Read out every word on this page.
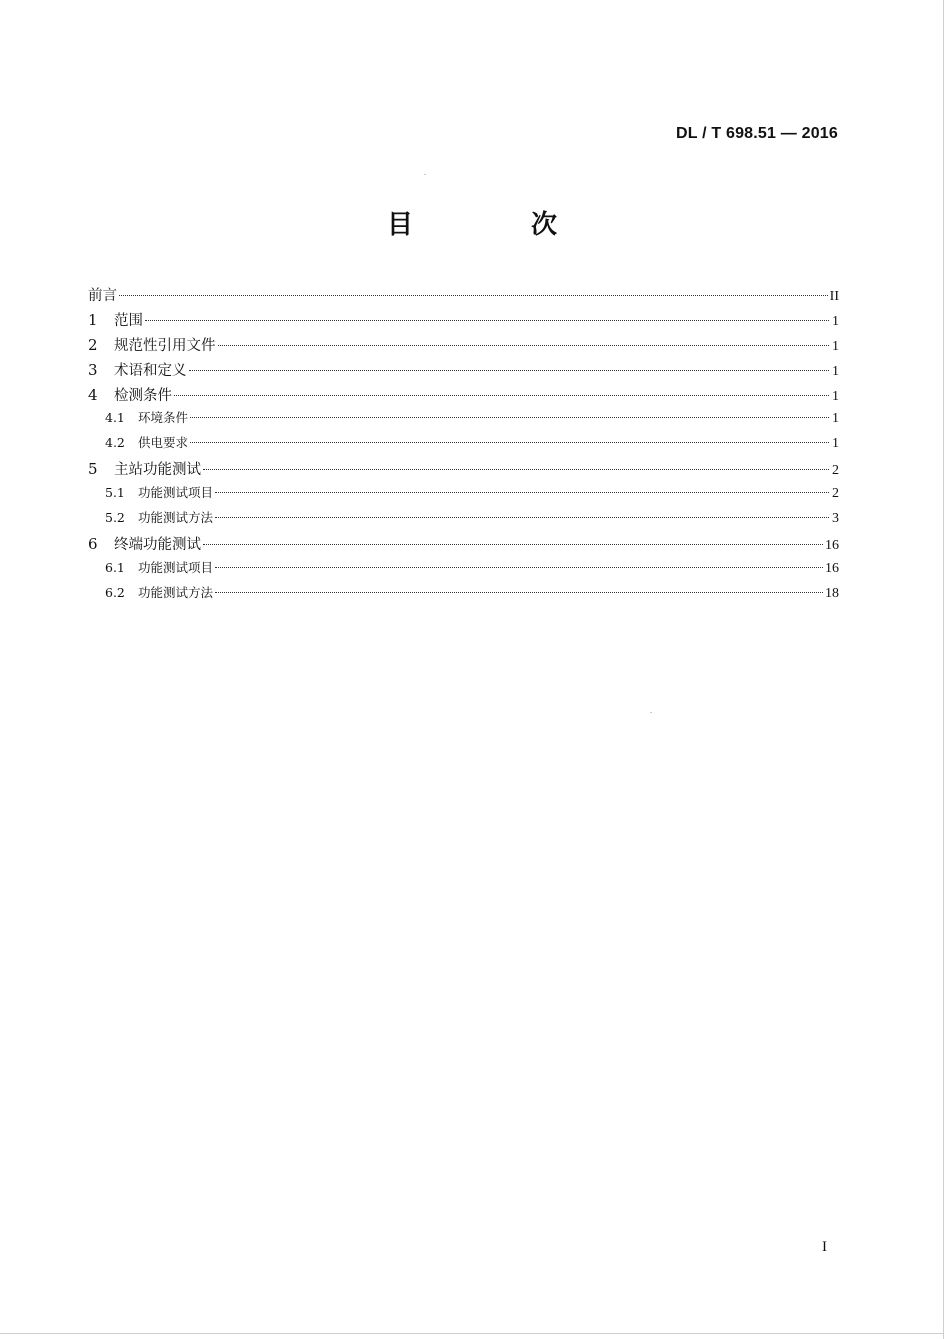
DL / T 698.51 — 2016
目　次
前言	II
1	范围	1
2	规范性引用文件	1
3	术语和定义	1
4	检测条件	1
4.1	环境条件	1
4.2	供电要求	1
5	主站功能测试	2
5.1	功能测试项目	2
5.2	功能测试方法	3
6	终端功能测试	16
6.1	功能测试项目	16
6.2	功能测试方法	18
I
